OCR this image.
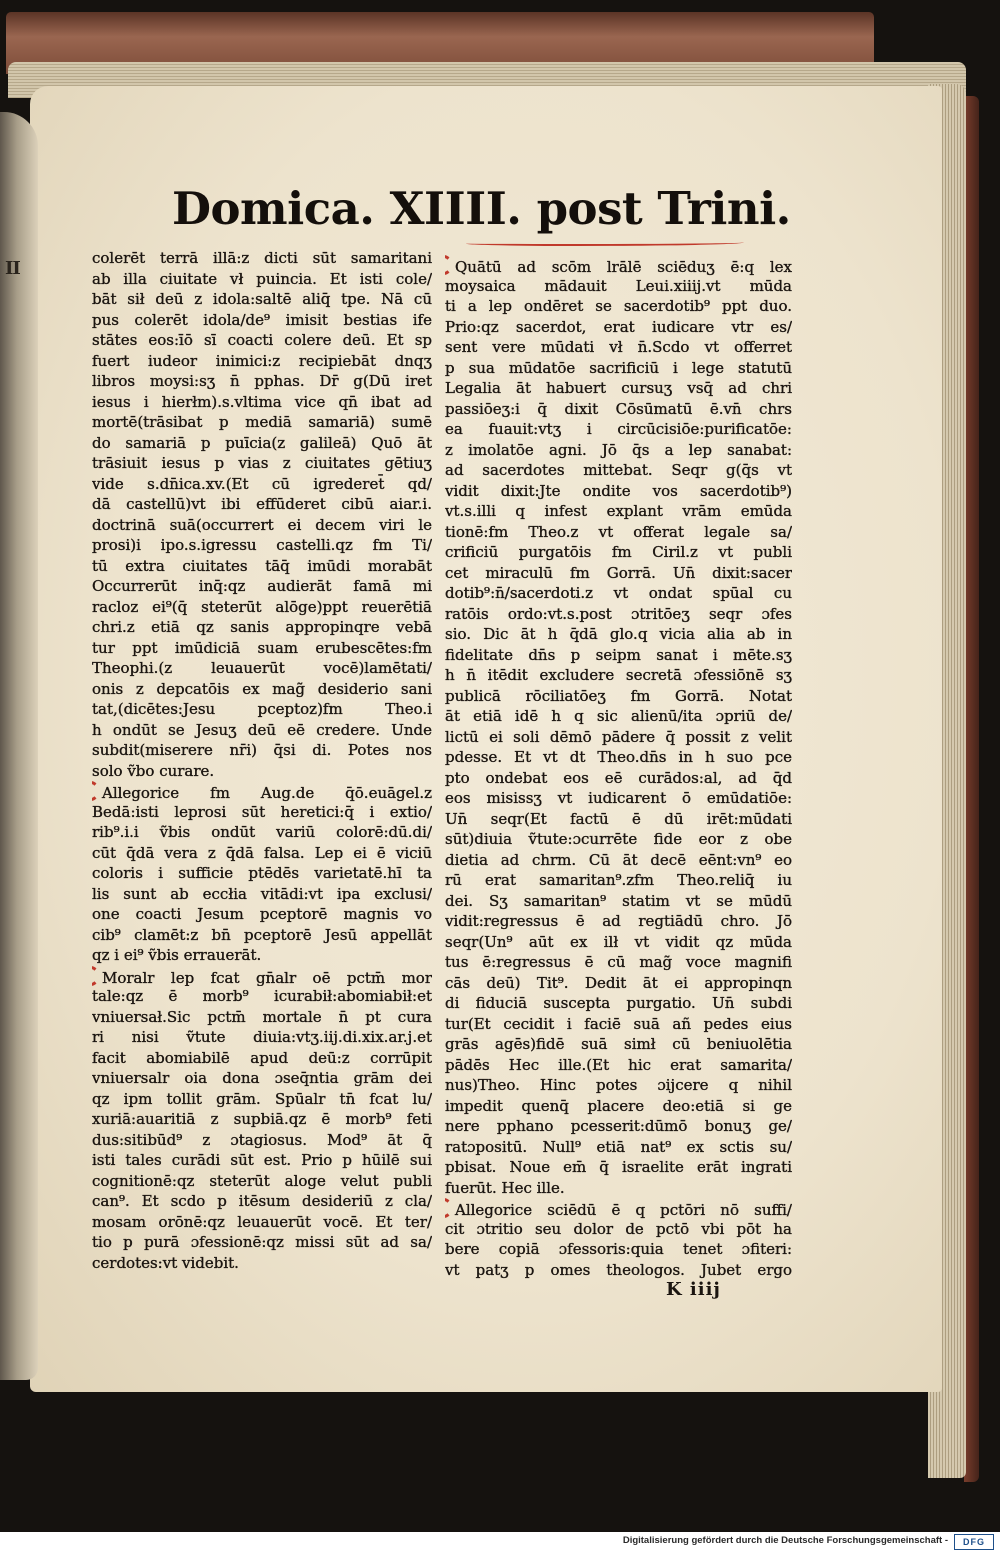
II
Domica. XIIII. post Trini.
colerēt terrā illā:z dicti sūt samaritani
ab illa ciuitate vł puincia. Et isti cole/
bāt sił deū z idola:saltē aliq̄ tpe. Nā cū
pus colerēt idola/de⁹ imisit bestias ife
stātes eos:īō sī coacti colere deū. Et sp
fuert iudeor inimici:z recipiebāt dnqʒ
libros moysi:sʒ n̄ pphas. Dr̄ g(Dū iret
iesus i hierłm).s.vltima vice qn̄ ibat ad
mortē(trāsibat p mediā samariā) sumē
do samariā p puīcia(z galileā) Quō āt
trāsiuit iesus p vias z ciuitates gētiuʒ
vide s.dn̄ica.xv.(Et cū igrederet̄ qd/
dā castellū)vt ibi effūderet cibū aiar.i.
doctrinā suā(occurrert ei decem viri le
prosi)i ipo.s.igressu castelli.qz fm Ti/
tū extra ciuitates tāq̄ imūdi morabāt
Occurrerūt inq̄:qz audierāt famā mi
racloz ei⁹(q̄ steterūt alōge)ppt reuerētiā
chri.z etiā qz sanis appropinqre vebā
tur ppt imūdiciā suam erubescētes:fm
Theophi.(z leuauerūt vocē)lamētati/
onis z depcatōis ex mag̃ desiderio sani
tat,(dicētes:Jesu pceptoz)fm Theo.i
h ondūt se Jesuʒ deū eē credere. Unde
subdit(miserere nr̄i) q̄si di. Potes nos
solo ṽbo curare.
Allegorice fm Aug.de q̄ō.euāgel.z
Bedā:isti leprosi sūt heretici:q̄ i extio/
rib⁹.i.i ṽbis ondūt variū colorē:dū.di/
cūt q̄dā vera z q̄dā falsa. Lep ei ē viciū
coloris i sufficie ptēdēs varietatē.hī ta
lis sunt ab eccłia vitādi:vt ipa exclusi/
one coacti Jesum pceptorē magnis vo
cib⁹ clamēt:z bn̄ pceptorē Jesū appellāt
qz i ei⁹ ṽbis errauerāt.
Moralr lep fcat gn̄alr oē pctm̄ mor
tale:qz ē morb⁹ icurabił:abomiabił:et
vniuersał.Sic pctm̄ mortale n̄ pt cura
ri nisi ṽtute diuia:vtʒ.iij.di.xix.ar.j.et
facit abomiabilē apud deū:z corrūpit
vniuersalr oia dona ɔseq̄ntia grām dei
qz ipm tollit grām. Spūalr tn̄ fcat lu/
xuriā:auaritiā z supbiā.qz ē morb⁹ feti
dus:sitibūd⁹ z ɔtagiosus. Mod⁹ āt q̄
isti tales curādi sūt est. Prio p hūilē sui
cognitionē:qz steterūt aloge velut publi
can⁹. Et scdo p itēsum desideriū z cla/
mosam orōnē:qz leuauerūt vocē. Et ter/
tio p purā ɔfessionē:qz missi sūt ad sa/
cerdotes:vt videbit.
Quātū ad scōm lrālē sciēduʒ ē:q lex
moysaica mādauit Leui.xiiij.vt mūda
ti a lep ondēret se sacerdotib⁹ ppt duo.
Prio:qz sacerdot, erat iudicare vtr es/
sent vere mūdati vł n̄.Scdo vt offerret
p sua mūdatōe sacrificiū i lege statutū
Legalia āt habuert cursuʒ vsq̄ ad chri
passiōeʒ:i q̄ dixit Cōsūmatū ē.vn̄ chrs
ea fuauit:vtʒ i circūcisiōe:purificatōe:
z imolatōe agni. Jō q̄s a lep sanabat:
ad sacerdotes mittebat. Seqr g(q̄s vt
vidit dixit:Jte ondite vos sacerdotib⁹)
vt.s.illi q infest explant vrām emūda
tionē:fm Theo.z vt offerat legale sa/
crificiū purgatōis fm Ciril.z vt publi
cet miraculū fm Gorrā. Un̄ dixit:sacer
dotib⁹:n̄/sacerdoti.z vt ondat spūal cu
ratōis ordo:vt.s.post ɔtritōeʒ seqr ɔfes
sio. Dic āt h q̄dā glo.q vicia alia ab in
fidelitate dn̄s p seipm sanat i mēte.sʒ
h n̄ itēdit excludere secretā ɔfessiōnē sʒ
publicā rōciliatōeʒ fm Gorrā. Notat
āt etiā idē h q sic alienū/ita ɔpriū de/
lictū ei soli dēmō pādere q̄ possit z velit
pdesse. Et vt dt Theo.dn̄s in h suo pce
pto ondebat eos eē curādos:al, ad q̄d
eos misissʒ vt iudicarent ō emūdatiōe:
Un̄ seqr(Et factū ē dū irēt:mūdati
sūt)diuia ṽtute:ɔcurrēte fide eor z obe
dietia ad chrm. Cū āt decē eēnt:vn⁹ eo
rū erat samaritan⁹.zfm Theo.reliq̄ iu
dei. Sʒ samaritan⁹ statim vt se mūdū
vidit:regressus ē ad regtiādū chro. Jō
seqr(Un⁹ aūt ex ilł vt vidit qz mūda
tus ē:regressus ē cū mag̃ voce magnifi
cās deū) Tit⁹. Dedit āt ei appropinqn
di fiduciā suscepta purgatio. Un̄ subdi
tur(Et cecidit i faciē suā añ pedes eius
grās agēs)fidē suā simł cū beniuolētia
pādēs Hec ille.(Et hic erat samarita/
nus)Theo. Hinc potes ɔijcere q nihil
impedit quenq̄ placere deo:etiā si ge
nere pphano pcesserit:dūmō bonuʒ ge/
ratɔpositū. Null⁹ etiā nat⁹ ex sctis su/
pbisat. Noue em̄ q̄ israelite erāt ingrati
fuerūt. Hec ille.
Allegorice sciēdū ē q pctōri nō suffi/
cit ɔtritio seu dolor de pctō vbi pōt ha
bere copiā ɔfessoris:quia tenet ɔfiteri:
vt patʒ p omes theologos. Jubet ergo
K iiij
Digitalisierung gefördert durch die Deutsche Forschungsgemeinschaft -	DFG
